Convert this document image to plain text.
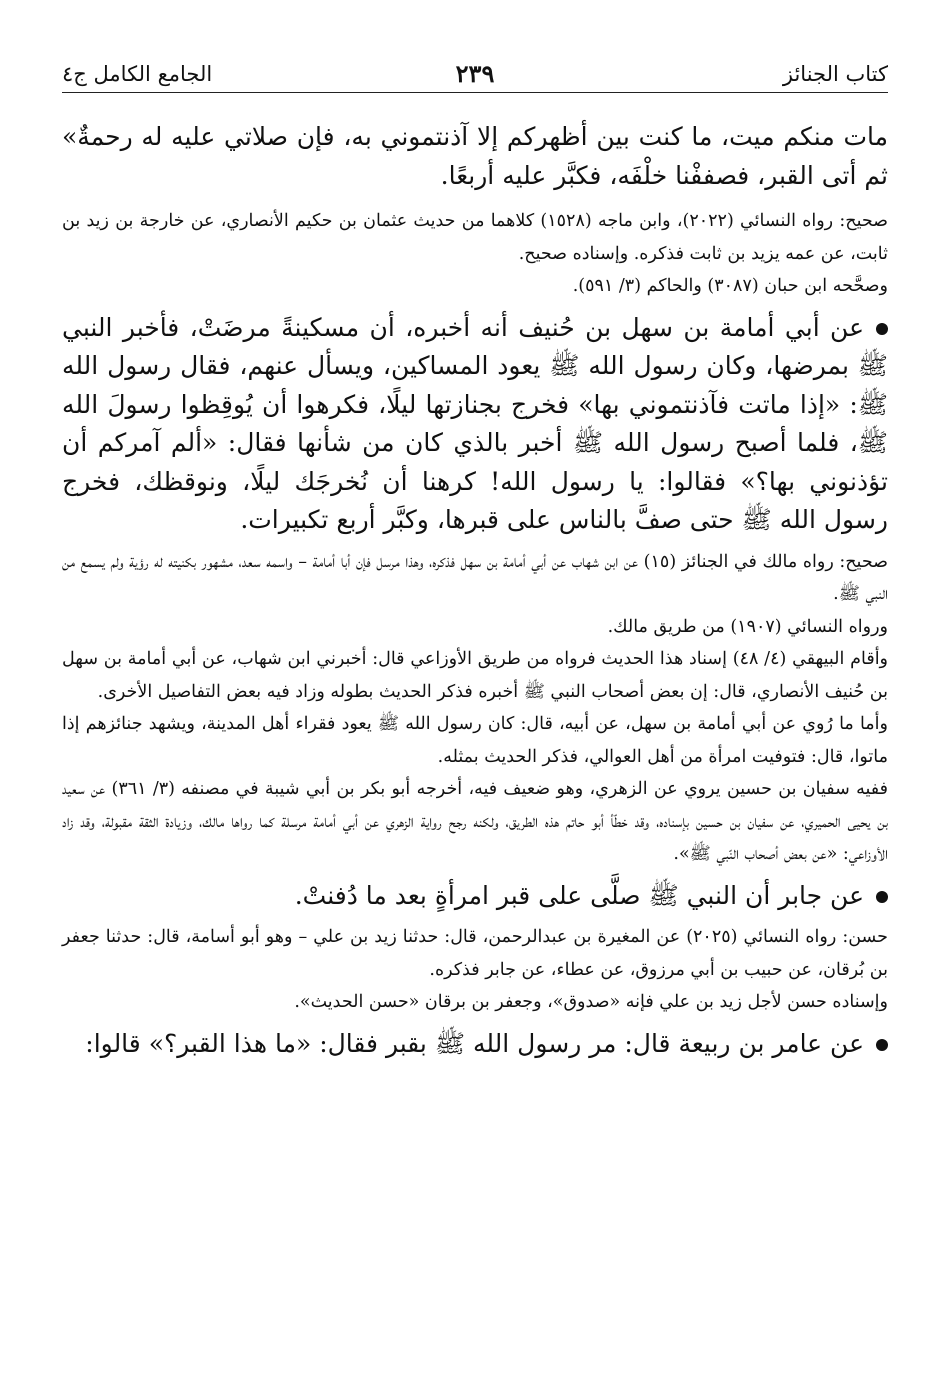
الجامع الكامل ج٤	٢٣٩	كتاب الجنائز

مات منكم ميت، ما كنت بين أظهركم إلا آذنتموني به، فإن صلاتي عليه له رحمةٌ» ثم أتى القبر، فصففْنا خلْفَه، فكبَّر عليه أربعًا.

صحيح: رواه النسائي (٢٠٢٢)، وابن ماجه (١٥٢٨) كلاهما من حديث عثمان بن حكيم الأنصاري، عن خارجة بن زيد بن ثابت، عن عمه يزيد بن ثابت فذكره. وإسناده صحيح.

وصحَّحه ابن حبان (٣٠٨٧) والحاكم (٣/ ٥٩١).

عن أبي أمامة بن سهل بن حُنيف أنه أخبره، أن مسكينةً مرضَتْ، فأخبر النبي ﷺ بمرضها، وكان رسول الله ﷺ يعود المساكين، ويسأل عنهم، فقال رسول الله ﷺ: «إذا ماتت فآذنتموني بها» فخرج بجنازتها ليلًا، فكرهوا أن يُوقِظوا رسولَ الله ﷺ، فلما أصبح رسول الله ﷺ أخبر بالذي كان من شأنها فقال: «ألم آمركم أن تؤذنوني بها؟» فقالوا: يا رسول الله! كرهنا أن نُخرجَك ليلًا، ونوقظك، فخرج رسول الله ﷺ حتى صفَّ بالناس على قبرها، وكبَّر أربع تكبيرات.

صحيح: رواه مالك في الجنائز (١٥) عن ابن شهاب عن أبي أمامة بن سهل فذكره، وهذا مرسل فإن أبا أمامة – واسمه سعد، مشهور بكنيته له رؤية ولم يسمع من النبي ﷺ.

ورواه النسائي (١٩٠٧) من طريق مالك.

وأقام البيهقي (٤/ ٤٨) إسناد هذا الحديث فرواه من طريق الأوزاعي قال: أخبرني ابن شهاب، عن أبي أمامة بن سهل بن حُنيف الأنصاري، قال: إن بعض أصحاب النبي ﷺ أخبره فذكر الحديث بطوله وزاد فيه بعض التفاصيل الأخرى.

وأما ما رُوي عن أبي أمامة بن سهل، عن أبيه، قال: كان رسول الله ﷺ يعود فقراء أهل المدينة، ويشهد جنائزهم إذا ماتوا، قال: فتوفيت امرأة من أهل العوالي، فذكر الحديث بمثله.

ففيه سفيان بن حسين يروي عن الزهري، وهو ضعيف فيه، أخرجه أبو بكر بن أبي شيبة في مصنفه (٣/ ٣٦١) عن سعيد بن يحيى الحميري، عن سفيان بن حسين بإسناده، وقد خطّأ أبو حاتم هذه الطريق، ولكنه رجح رواية الزهري عن أبي أمامة مرسلة كما رواها مالك، وزيادة الثقة مقبولة، وقد زاد الأوزاعي: «عن بعض أصحاب النّبي ﷺ».

عن جابر أن النبي ﷺ صلَّى على قبر امرأةٍ بعد ما دُفنتْ.

حسن: رواه النسائي (٢٠٢٥) عن المغيرة بن عبدالرحمن، قال: حدثنا زيد بن علي – وهو أبو أسامة، قال: حدثنا جعفر بن بُرقان، عن حبيب بن أبي مرزوق، عن عطاء، عن جابر فذكره.

وإسناده حسن لأجل زيد بن علي فإنه «صدوق»، وجعفر بن برقان «حسن الحديث».

عن عامر بن ربيعة قال: مر رسول الله ﷺ بقبر فقال: «ما هذا القبر؟» قالوا:
